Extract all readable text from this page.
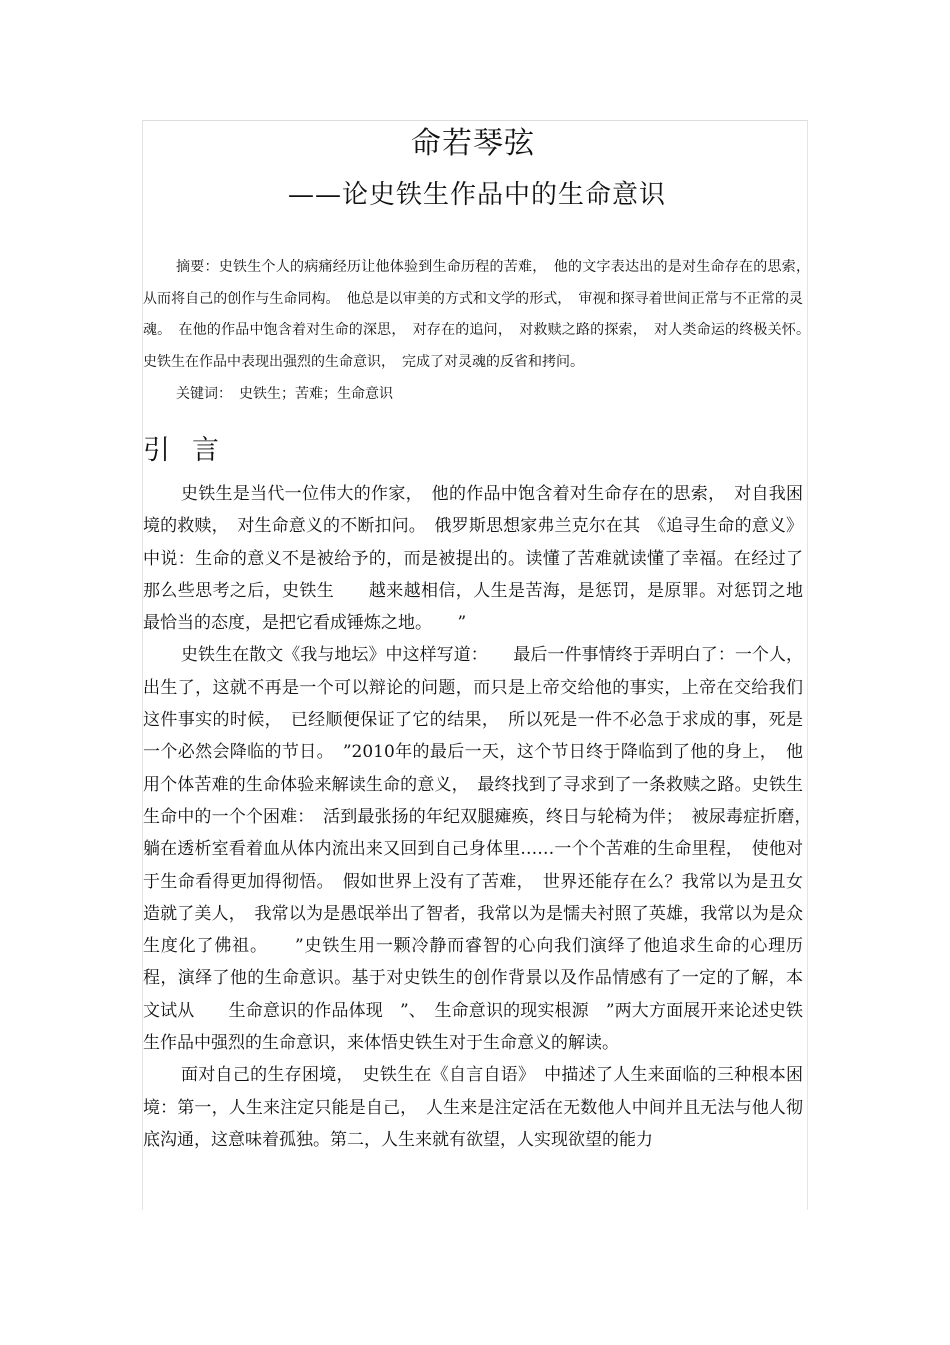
命若琴弦
——论史铁生作品中的生命意识

摘要：史铁生个人的病痛经历让他体验到生命历程的苦难，　他的文字表达出的是对生命存在的思索，　从而将自己的创作与生命同构。　他总是以审美的方式和文学的形式，　审视和探寻着世间正常与不正常的灵魂。　在他的作品中饱含着对生命的深思，　对存在的追问，　对救赎之路的探索，　对人类命运的终极关怀。　史铁生在作品中表现出强烈的生命意识，　完成了对灵魂的反省和拷问。

关键词：　史铁生；苦难；生命意识

引言

史铁生是当代一位伟大的作家，　他的作品中饱含着对生命存在的思索，　对自我困境的救赎，　对生命意义的不断扣问。　俄罗斯思想家弗兰克尔在其　《追寻生命的意义》中说：生命的意义不是被给予的，而是被提出的。读懂了苦难就读懂了幸福。在经过了那么些思考之后，史铁生　　越来越相信，人生是苦海，是惩罚，是原罪。对惩罚之地最恰当的态度，是把它看成锤炼之地。　　”

史铁生在散文《我与地坛》中这样写道：　　最后一件事情终于弄明白了：一个人，出生了，这就不再是一个可以辩论的问题，而只是上帝交给他的事实，上帝在交给我们这件事实的时候，　已经顺便保证了它的结果，　所以死是一件不必急于求成的事，死是一个必然会降临的节日。　”2010年的最后一天，这个节日终于降临到了他的身上，　他用个体苦难的生命体验来解读生命的意义，　最终找到了寻求到了一条救赎之路。史铁生生命中的一个个困难：　活到最张扬的年纪双腿瘫痪，终日与轮椅为伴；　被尿毒症折磨，　躺在透析室看着血从体内流出来又回到自己身体里……一个个苦难的生命里程，　使他对于生命看得更加得彻悟。　假如世界上没有了苦难，　世界还能存在么？我常以为是丑女造就了美人，　我常以为是愚氓举出了智者，我常以为是懦夫衬照了英雄，我常以为是众生度化了佛祖。　　”史铁生用一颗冷静而睿智的心向我们演绎了他追求生命的心理历程，演绎了他的生命意识。基于对史铁生的创作背景以及作品情感有了一定的了解，本文试从　　生命意识的作品体现　”、　生命意识的现实根源　”两大方面展开来论述史铁生作品中强烈的生命意识，来体悟史铁生对于生命意义的解读。

面对自己的生存困境，　史铁生在《自言自语》　中描述了人生来面临的三种根本困境：第一，人生来注定只能是自己，　人生来是注定活在无数他人中间并且无法与他人彻底沟通，这意味着孤独。第二，人生来就有欲望，人实现欲望的能力
